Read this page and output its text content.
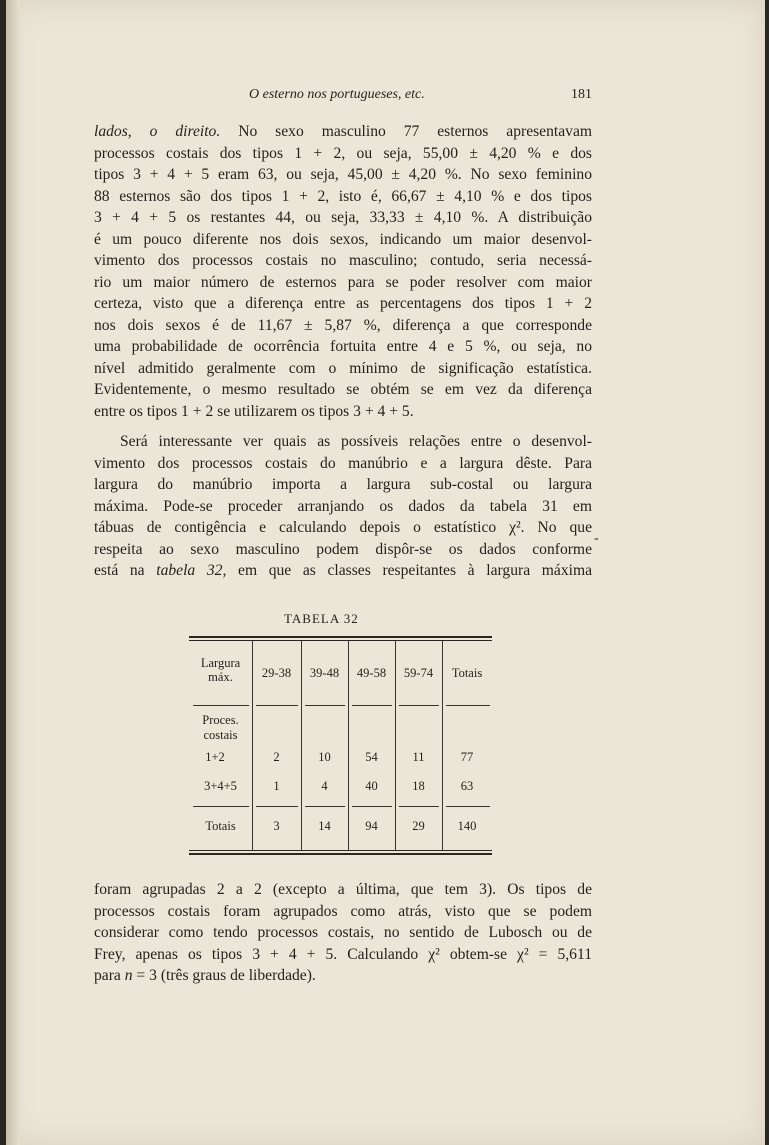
O esterno nos portugueses, etc.	181
lados, o direito. No sexo masculino 77 esternos apresentavam
processos costais dos tipos 1 + 2, ou seja, 55,00 ± 4,20 % e dos
tipos 3 + 4 + 5 eram 63, ou seja, 45,00 ± 4,20 %. No sexo feminino
88 esternos são dos tipos 1 + 2, isto é, 66,67 ± 4,10 % e dos tipos
3 + 4 + 5 os restantes 44, ou seja, 33,33 ± 4,10 %. A distribuição
é um pouco diferente nos dois sexos, indicando um maior desenvol-
vimento dos processos costais no masculino; contudo, seria necessá-
rio um maior número de esternos para se poder resolver com maior
certeza, visto que a diferença entre as percentagens dos tipos 1 + 2
nos dois sexos é de 11,67 ± 5,87 %, diferença a que corresponde
uma probabilidade de ocorrência fortuita entre 4 e 5 %, ou seja, no
nível admitido geralmente com o mínimo de significação estatística.
Evidentemente, o mesmo resultado se obtém se em vez da diferença
entre os tipos 1 + 2 se utilizarem os tipos 3 + 4 + 5.
Será interessante ver quais as possíveis relações entre o desenvol-
vimento dos processos costais do manúbrio e a largura dêste. Para
largura do manúbrio importa a largura sub-costal ou largura
máxima. Pode-se proceder arranjando os dados da tabela 31 em
tábuas de contigência e calculando depois o estatístico χ². No que
respeita ao sexo masculino podem dispôr-se os dados conforme
está na tabela 32, em que as classes respeitantes à largura máxima
-
TABELA 32
Largura
máx.	29-38	39-48	49-58	59-74	Totais
Proces.
costais
1+2	2	10	54	11	77
3+4+5	1	4	40	18	63
Totais	3	14	94	29	140
foram agrupadas 2 a 2 (excepto a última, que tem 3). Os tipos de
processos costais foram agrupados como atrás, visto que se podem
considerar como tendo processos costais, no sentido de Lubosch ou de
Frey, apenas os tipos 3 + 4 + 5. Calculando χ² obtem-se χ² = 5,611
para n = 3 (três graus de liberdade).
